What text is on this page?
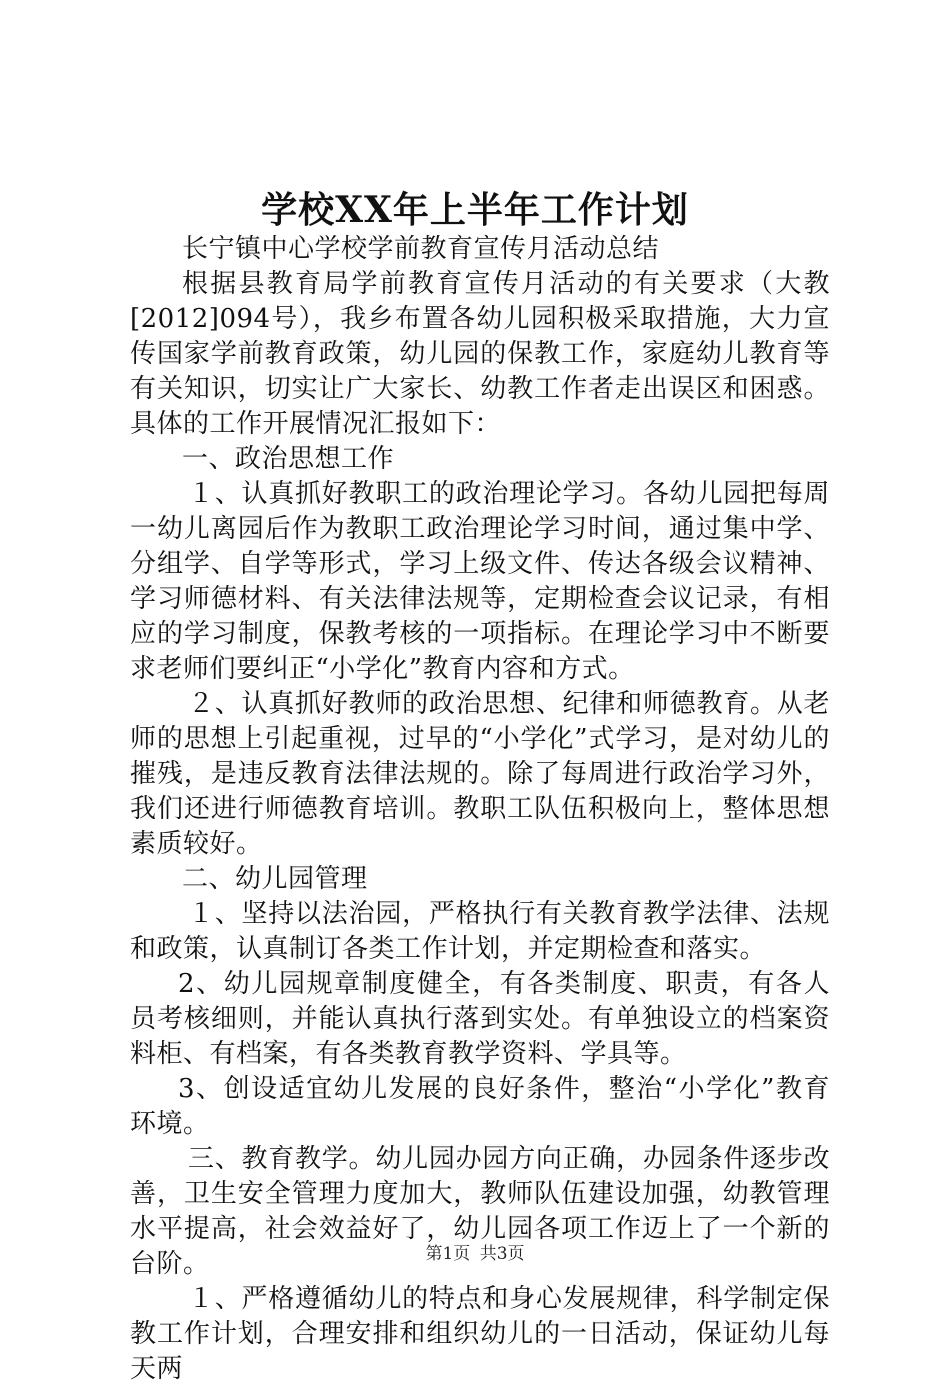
学校XX年上半年工作计划

长宁镇中心学校学前教育宣传月活动总结

根据县教育局学前教育宣传月活动的有关要求（大教[2012]094号），我乡布置各幼儿园积极采取措施，大力宣传国家学前教育政策，幼儿园的保教工作，家庭幼儿教育等有关知识，切实让广大家长、幼教工作者走出误区和困惑。具体的工作开展情况汇报如下：

一、政治思想工作

１、认真抓好教职工的政治理论学习。各幼儿园把每周一幼儿离园后作为教职工政治理论学习时间，通过集中学、分组学、自学等形式，学习上级文件、传达各级会议精神、学习师德材料、有关法律法规等，定期检查会议记录，有相应的学习制度，保教考核的一项指标。在理论学习中不断要求老师们要纠正“小学化”教育内容和方式。

２、认真抓好教师的政治思想、纪律和师德教育。从老师的思想上引起重视，过早的“小学化”式学习，是对幼儿的摧残，是违反教育法律法规的。除了每周进行政治学习外，我们还进行师德教育培训。教职工队伍积极向上，整体思想素质较好。

二、幼儿园管理

１、坚持以法治园，严格执行有关教育教学法律、法规和政策，认真制订各类工作计划，并定期检查和落实。

2、幼儿园规章制度健全，有各类制度、职责，有各人员考核细则，并能认真执行落到实处。有单独设立的档案资料柜、有档案，有各类教育教学资料、学具等。

3、创设适宜幼儿发展的良好条件，整治“小学化”教育环境。

三、教育教学。幼儿园办园方向正确，办园条件逐步改善，卫生安全管理力度加大，教师队伍建设加强，幼教管理水平提高，社会效益好了，幼儿园各项工作迈上了一个新的台阶。

１、严格遵循幼儿的特点和身心发展规律，科学制定保教工作计划，合理安排和组织幼儿的一日活动，保证幼儿每天两

第1页 共3页
